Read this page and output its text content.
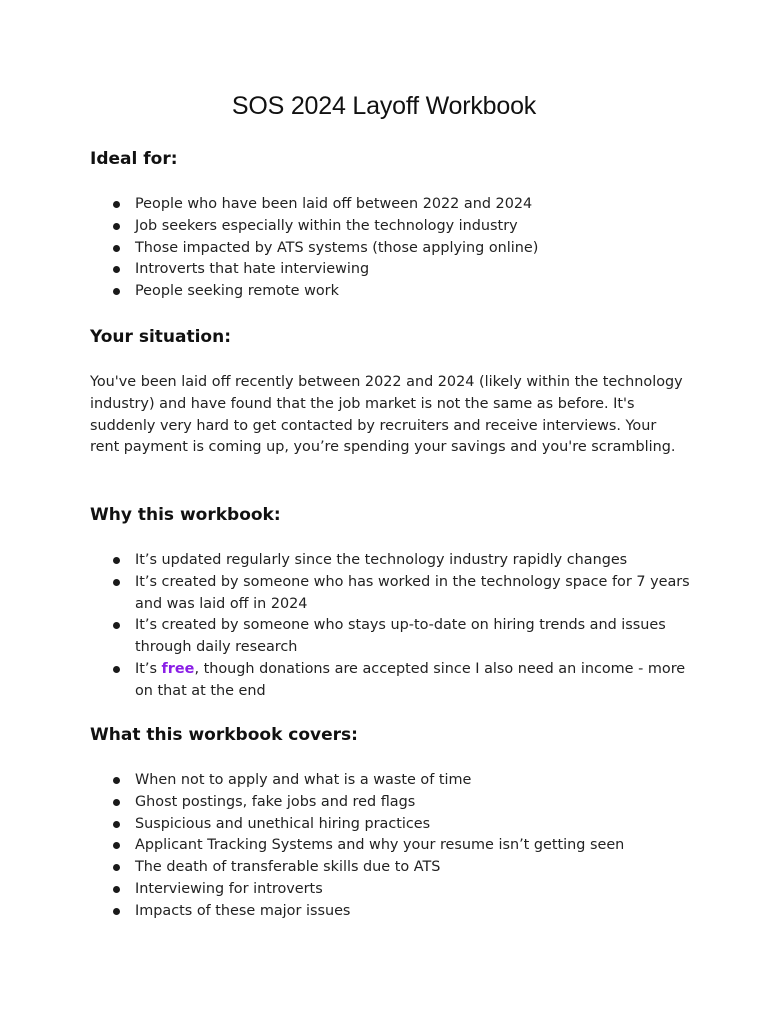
SOS 2024 Layoff Workbook
Ideal for:
People who have been laid off between 2022 and 2024
Job seekers especially within the technology industry
Those impacted by ATS systems (those applying online)
Introverts that hate interviewing
People seeking remote work
Your situation:

You've been laid off recently between 2022 and 2024 (likely within the technology industry) and have found that the job market is not the same as before. It's suddenly very hard to get contacted by recruiters and receive interviews. Your rent payment is coming up, you’re spending your savings and you're scrambling.

Why this workbook:
It’s updated regularly since the technology industry rapidly changes
It’s created by someone who has worked in the technology space for 7 years and was laid off in 2024
It’s created by someone who stays up-to-date on hiring trends and issues through daily research
It’s free, though donations are accepted since I also need an income - more on that at the end
What this workbook covers:
When not to apply and what is a waste of time
Ghost postings, fake jobs and red flags
Suspicious and unethical hiring practices
Applicant Tracking Systems and why your resume isn’t getting seen
The death of transferable skills due to ATS
Interviewing for introverts
Impacts of these major issues
